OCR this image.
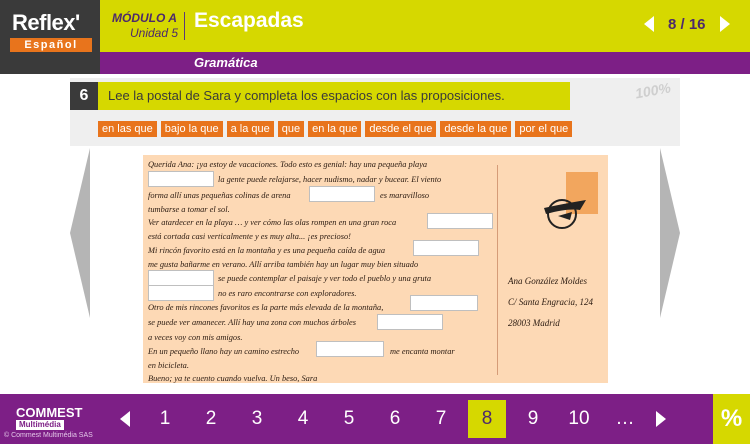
Reflex'
Español
MÓDULO A
Unidad 5
Escapadas	8 / 16
Gramática
6	Lee la postal de Sara y completa los espacios con las proposiciones.	100%
en las que	bajo la que	a la que	que	en la que	desde el que	desde la que	por el que
Querida Ana: ¡ya estoy de vacaciones. Todo esto es genial: hay una pequeña playa
la gente puede relajarse, hacer nudismo, nadar y bucear. El viento
forma allí unas pequeñas colinas de arena	es maravilloso
tumbarse a tomar el sol.
Ver atardecer en la playa … y ver cómo las olas rompen en una gran roca
está cortada casi verticalmente y es muy alta... ¡es precioso!
Mi rincón favorito está en la montaña y es una pequeña caída de agua
me gusta bañarme en verano. Allí arriba también hay un lugar muy bien situado
se puede contemplar el paisaje y ver todo el pueblo y una gruta
no es raro encontrarse con exploradores.
Otro de mis rincones favoritos es la parte más elevada de la montaña,
se puede ver amanecer. Allí hay una zona con muchos árboles
a veces voy con mis amigos.
En un pequeño llano hay un camino estrecho	me encanta montar
en bicicleta.
Bueno; ya te cuento cuando vuelva. Un beso, Sara
Ana González Moldes
C/ Santa Engracia, 124
28003 Madrid
COMMEST
Multimédia
© Commest Multimédia SAS
1	2	3	4	5	6	7	8	9	10	…	%
